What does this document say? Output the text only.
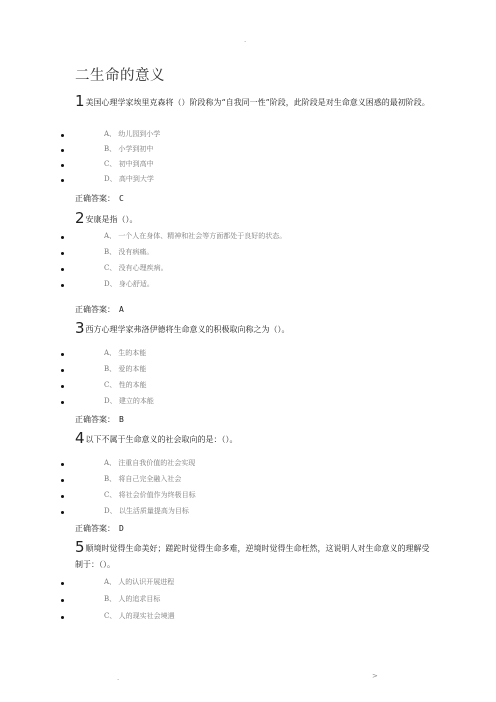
.
二生命的意义
1美国心理学家埃里克森将（）阶段称为“自我同一性”阶段，此阶段是对生命意义困惑的最初阶段。
A、 幼儿园到小学
B、 小学到初中
C、 初中到高中
D、 高中到大学
正确答案： C
2安康是指（）。
A、 一个人在身体、精神和社会等方面都处于良好的状态。
B、 没有病痛。
C、 没有心理疾病。
D、 身心舒适。
正确答案： A
3西方心理学家弗洛伊德将生命意义的积极取向称之为（）。
A、 生的本能
B、 爱的本能
C、 性的本能
D、 建立的本能
正确答案： B
4以下不属于生命意义的社会取向的是：（）。
A、 注重自我价值的社会实现
B、 将自己完全融入社会
C、 将社会价值作为终极目标
D、 以生活质量提高为目标
正确答案： D
5顺境时觉得生命美好；蹉跎时觉得生命多难，逆境时觉得生命枉然，这说明人对生命意义的理解受制于：（）。
A、 人的认识开展进程
B、 人的追求目标
C、 人的现实社会境遇
.	>
